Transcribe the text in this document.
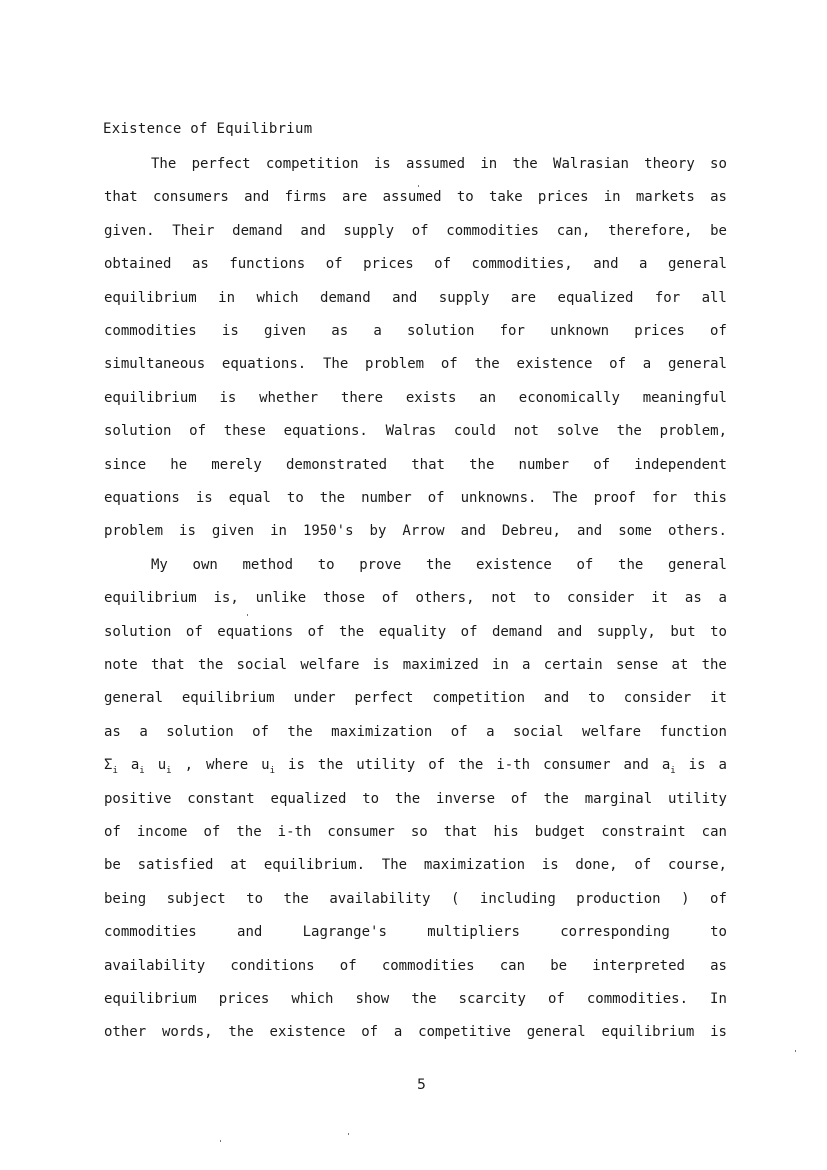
Existence of Equilibrium
The perfect competition is assumed in the Walrasian theory so
that consumers and firms are assumed to take prices in markets as
given. Their demand and supply of commodities can, therefore, be
obtained as functions of prices of commodities, and a general
equilibrium in which demand and supply are equalized for all
commodities is given as a solution for unknown prices of
simultaneous equations. The problem of the existence of a general
equilibrium is whether there exists an economically meaningful
solution of these equations. Walras could not solve the problem,
since he merely demonstrated that the number of independent
equations is equal to the number of unknowns. The proof for this
problem is given in 1950's by Arrow and Debreu, and some others.
My own method to prove the existence of the general
equilibrium is, unlike those of others, not to consider it as a
solution of equations of the equality of demand and supply, but to
note that the social welfare is maximized in a certain sense at the
general equilibrium under perfect competition and to consider it
as a solution of the maximization of a social welfare function
$\Sigma_i$ $a_i$ $u_i$ , where $u_i$ is the utility of the i-th consumer and $a_i$ is a
positive constant equalized to the inverse of the marginal utility
of income of the i-th consumer so that his budget constraint can
be satisfied at equilibrium. The maximization is done, of course,
being subject to the availability ( including production ) of
commodities	and	Lagrange's	multipliers	corresponding	to
availability conditions of commodities can be interpreted as
equilibrium prices which show the scarcity of commodities. In
other words, the existence of a competitive general equilibrium is
5
